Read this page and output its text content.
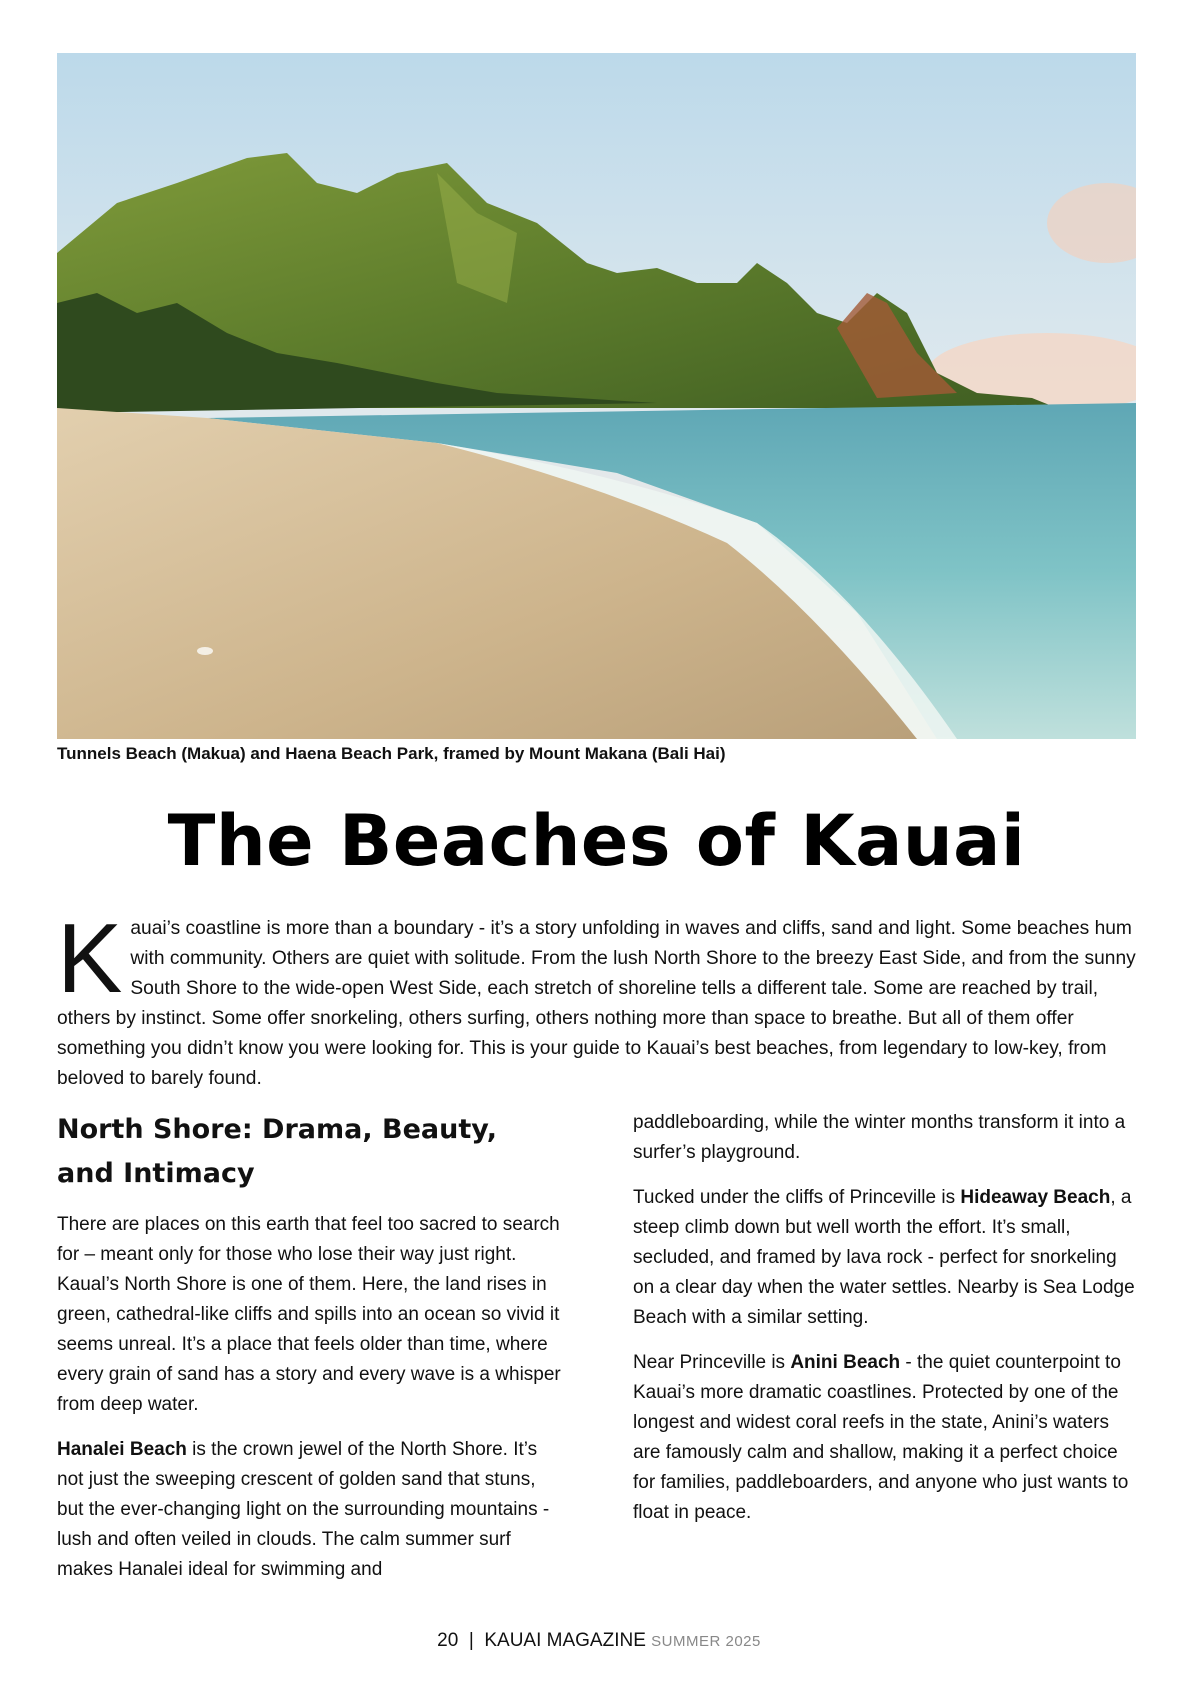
Tunnels Beach (Makua) and Haena Beach Park, framed by Mount Makana (Bali Hai)
The Beaches of Kauai
K auai’s coastline is more than a boundary - it’s a story unfolding in waves and cliffs, sand and light. Some beaches hum with community. Others are quiet with solitude. From the lush North Shore to the breezy East Side, and from the sunny South Shore to the wide-open West Side, each stretch of shoreline tells a different tale. Some are reached by trail, others by instinct. Some offer snorkeling, others surfing, others nothing more than space to breathe. But all of them offer something you didn’t know you were looking for. This is your guide to Kauai’s best beaches, from legendary to low-key, from beloved to barely found.
North Shore: Drama, Beauty,
and Intimacy

There are places on this earth that feel too sacred to search for – meant only for those who lose their way just right. Kaual’s North Shore is one of them. Here, the land rises in green, cathedral-like cliffs and spills into an ocean so vivid it seems unreal. It’s a place that feels older than time, where every grain of sand has a story and every wave is a whisper from deep water.

Hanalei Beach is the crown jewel of the North Shore. It’s not just the sweeping crescent of golden sand that stuns, but the ever-changing light on the surrounding mountains - lush and often veiled in clouds. The calm summer surf makes Hanalei ideal for swimming and

paddleboarding, while the winter months transform it into a surfer’s playground.

Tucked under the cliffs of Princeville is Hideaway Beach, a steep climb down but well worth the effort. It’s small, secluded, and framed by lava rock - perfect for snorkeling on a clear day when the water settles. Nearby is Sea Lodge Beach with a similar setting.

Near Princeville is Anini Beach - the quiet counterpoint to Kauai’s more dramatic coastlines. Protected by one of the longest and widest coral reefs in the state, Anini’s waters are famously calm and shallow, making it a perfect choice for families, paddleboarders, and anyone who just wants to float in peace.

20 | KAUAI MAGAZINE SUMMER 2025
